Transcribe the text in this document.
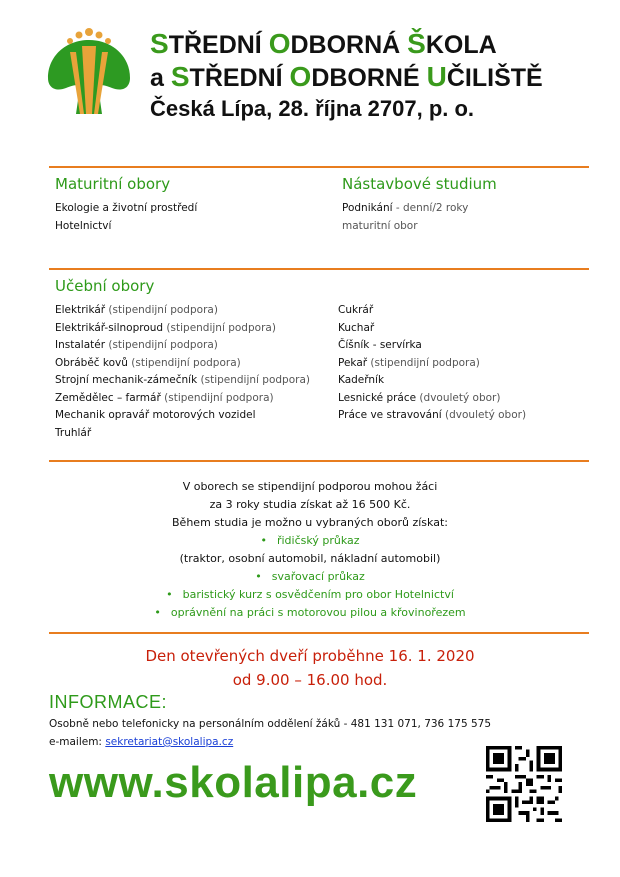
STŘEDNÍ ODBORNÁ ŠKOLA
a STŘEDNÍ ODBORNÉ UČILIŠTĚ
Česká Lípa, 28. října 2707, p. o.
Maturitní obory
Ekologie a životní prostředí
Hotelnictví
Nástavbové studium
Podnikání - denní/2 roky
maturitní obor
Učební obory
Elektrikář (stipendijní podpora)
Elektrikář-silnoproud (stipendijní podpora)
Instalatér (stipendijní podpora)
Obráběč kovů (stipendijní podpora)
Strojní mechanik-zámečník (stipendijní podpora)
Zemědělec – farmář (stipendijní podpora)
Mechanik opravář motorových vozidel
Truhlář
Cukrář
Kuchař
Číšník - servírka
Pekař (stipendijní podpora)
Kadeřník
Lesnické práce (dvouletý obor)
Práce ve stravování (dvouletý obor)
V oborech se stipendijní podporou mohou žáci
za 3 roky studia získat až 16 500 Kč.
Během studia je možno u vybraných oborů získat:
• řidičský průkaz
(traktor, osobní automobil, nákladní automobil)
• svařovací průkaz
• baristický kurz s osvědčením pro obor Hotelnictví
• oprávnění na práci s motorovou pilou a křovinořezem
Den otevřených dveří proběhne 16. 1. 2020
od 9.00 – 16.00 hod.
INFORMACE:
Osobně nebo telefonicky na personálním oddělení žáků - 481 131 071, 736 175 575
e-mailem: sekretariat@skolalipa.cz
www.skolalipa.cz
